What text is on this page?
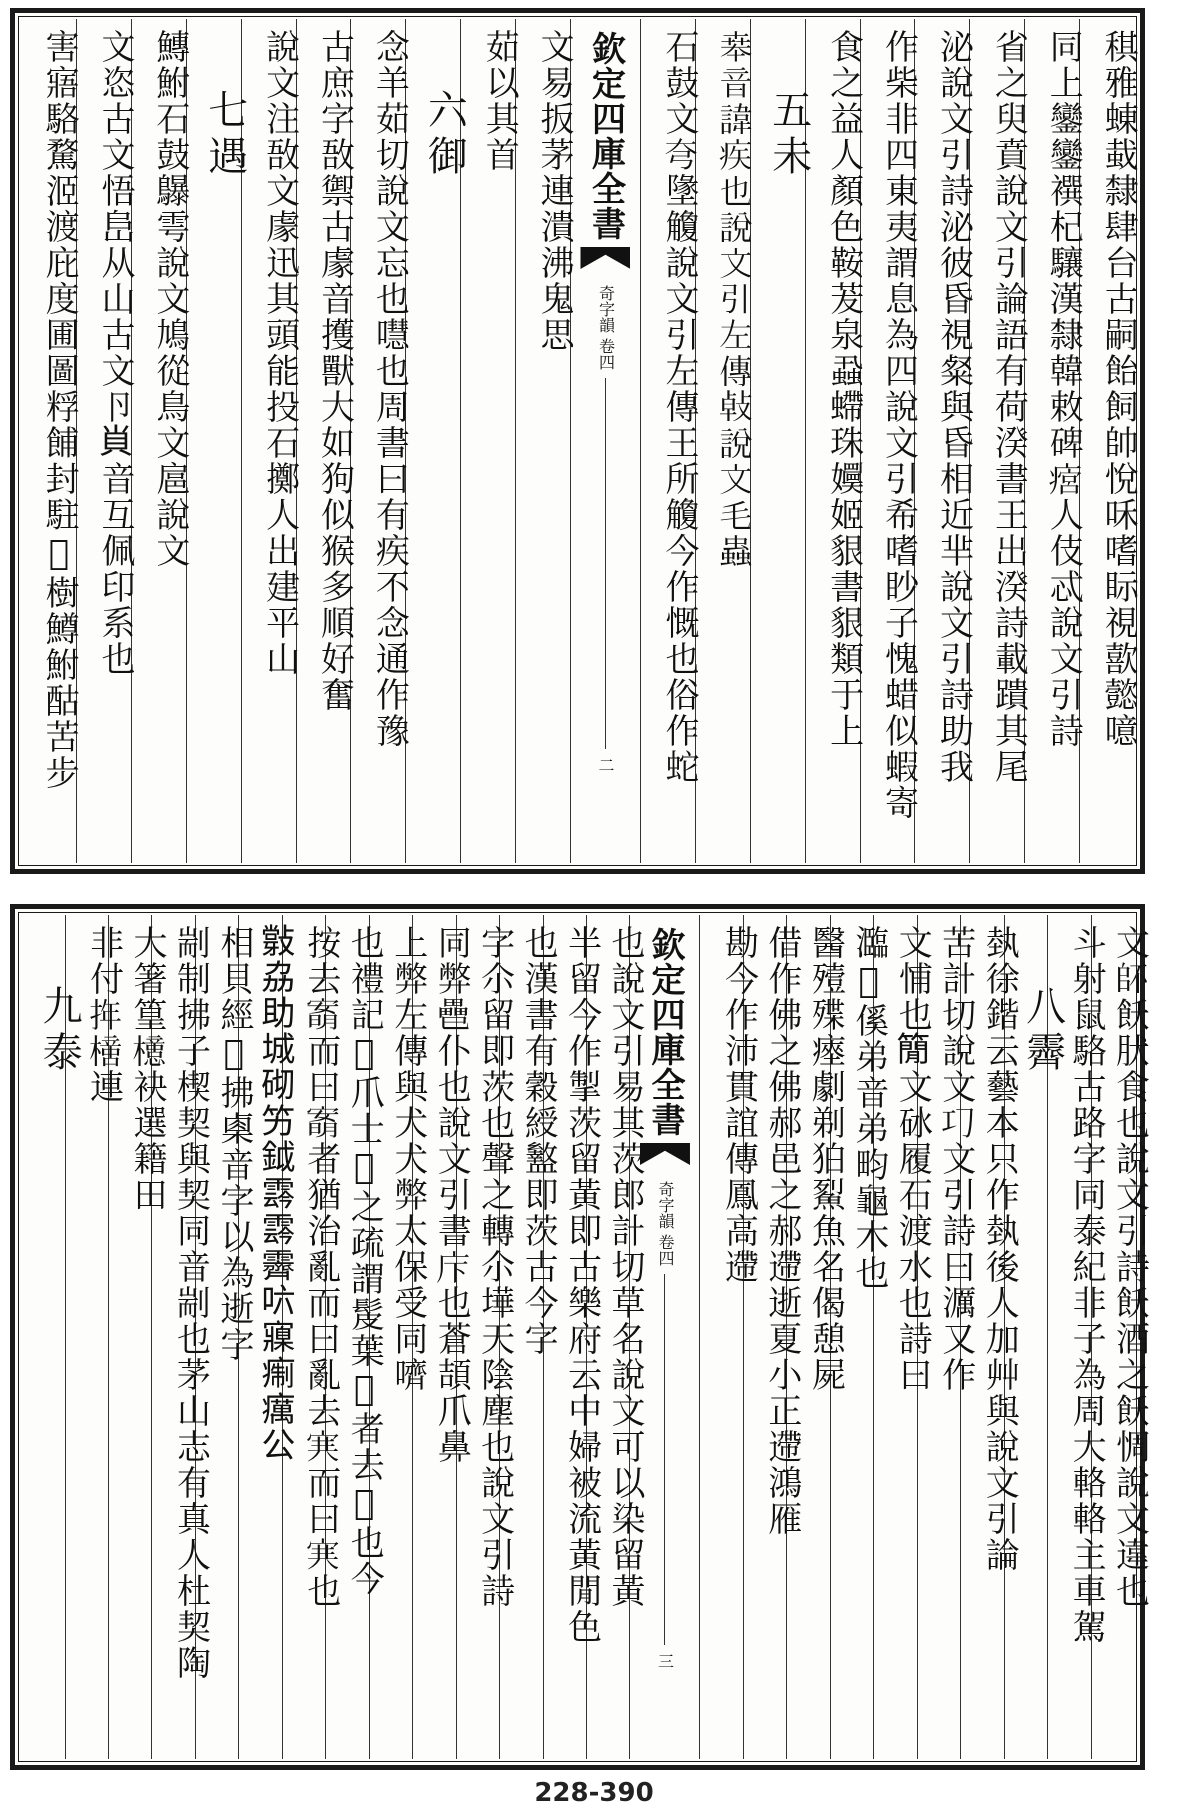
稘雅蝀蛓隸肆台古嗣飴飼帥悅咊嗜眎視歖懿噫
同上鑾鑾襈杞驤漢隸韓敕碑𤹜人伎忒說文引詩
省之臾賁說文引論語有荷湀書王出湀詩載蹪其尾
泌說文引詩泌彼昏視粲與昏相近芈說文引詩助我
作柴非四東夷謂息為四說文引希嗜眇子愧蜡似蝦寄
食之益人顏色鞍茇泉蝨螮珠嬽姬貇書貇類于上
五未
𠦪音諱疾也說文引左傳㪕說文毛蟲
石鼓文𡗝墬觼說文引左傳王所觼今作慨也俗作蛇
欽定四庫全書
奇字韻 卷四
二
文易扳茅連潰沸鬼思
茹以其首
六御
念羊茹切說文忘也嚖也周書曰有疾不念通作豫
古庶字敔禦古豦音擭獸大如狗似猴多順好奮
說文注敔文豦迅其頭能投石擲人出建平山
七遇
鱄鮒石鼓鸔雩說文鳩從鳥文扈說文
文恣古文悟峊从山古文卪𧴪音互佩印系也
害寤駱騖洍渡庇度圃圖粰餔封駐𡧊樹鱒鮒酤苦步
文𠂾飫肰食也說文引詩飫酒之飫惆說文違也
斗射鼠駱古路字同泰紀非子為周大輅輅主車駕
八霽
埶徐鍇云藝本只作埶後人加艸與說文引論
苦計切說文𢀕文引詩曰濿又作
文悑也𥳑文砅履石渡水也詩曰
瀶𧇧傒弟音弟畇龜木也
醫殪殜瘞劇剃狛鮤魚名偈憩屍
借作佛之佛郝邑之郝遰逝夏小正遰鴻雁
勘今作沛貫誼傳鳳高遰
欽定四庫全書
奇字韻 卷四
三
也說文引易其茨郎計切草名說文可以染留黃
半留今作掣茨留黃即古樂府云中婦被流黃閒色
也漢書有穀綬盭即茨古今字
字尒留即茨也聲之轉尒墷天陰塵也說文引詩
同弊𢁐仆也說文引書𢇗也蒼頡爪鼻
上弊左傳與犬犬弊太保受同嚌
也禮記𨐚爪士𡪙之疏謂髲葉𡪙者去𡪙也今
按去𡪙而曰𡪙者猶治亂而曰亂去𡨄而曰𡨄也
𢿦劦助城砌竻鉞𩃬𩃬霽𠯿寱痸癘公
相貝經𦥷拂㮚音字以為逝字
剬制拂子楔契與契同音剬也茅山志有真人杜契陶
大箸篁𣟥袂選籍田
非付𢬧𣚍連
九泰
228-390
